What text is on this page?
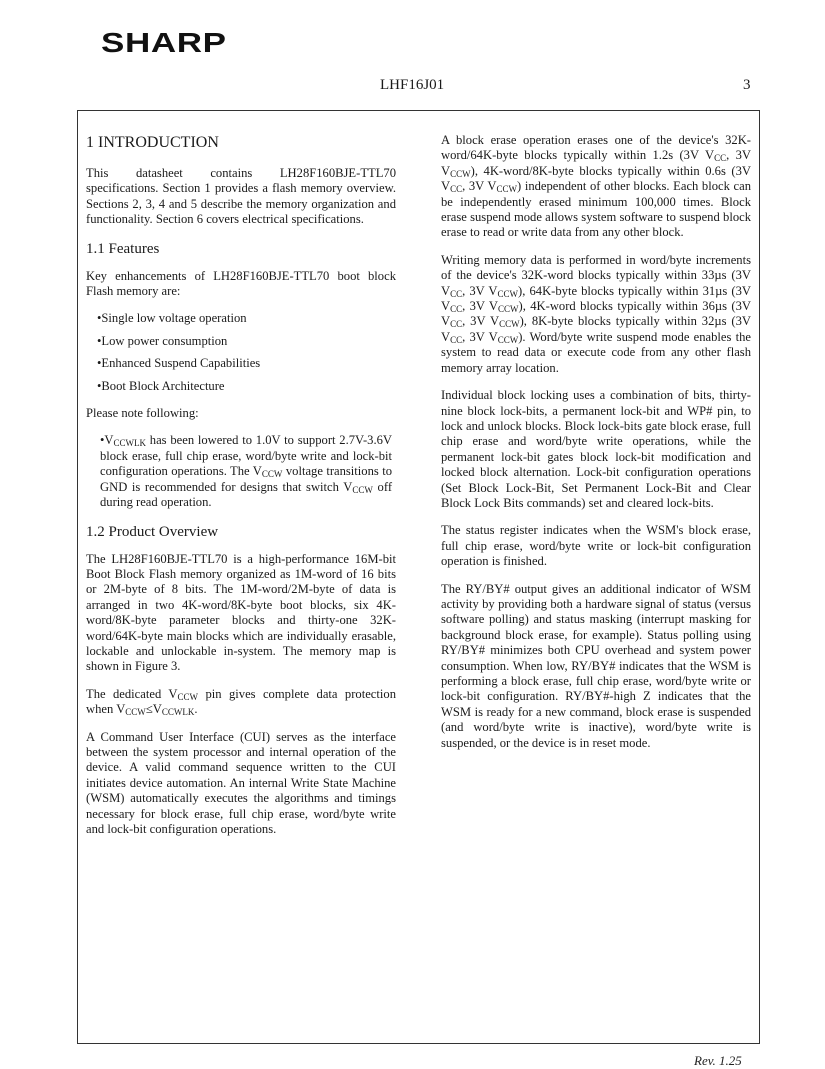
SHARP
LHF16J01	3
1 INTRODUCTION

This datasheet contains LH28F160BJE-TTL70 specifications. Section 1 provides a flash memory overview. Sections 2, 3, 4 and 5 describe the memory organization and functionality. Section 6 covers electrical specifications.

1.1 Features

Key enhancements of LH28F160BJE-TTL70 boot block Flash memory are:

•Single low voltage operation
•Low power consumption
•Enhanced Suspend Capabilities
•Boot Block Architecture

Please note following:

$•V_{CCWLK}$ has been lowered to 1.0V to support 2.7V-3.6V block erase, full chip erase, word/byte write and lock-bit configuration operations. The $V_{CCW}$ voltage transitions to GND is recommended for designs that switch $V_{CCW}$ off during read operation.

1.2 Product Overview

The LH28F160BJE-TTL70 is a high-performance 16M-bit Boot Block Flash memory organized as 1M-word of 16 bits or 2M-byte of 8 bits. The 1M-word/2M-byte of data is arranged in two 4K-word/8K-byte boot blocks, six 4K-word/8K-byte parameter blocks and thirty-one 32K-word/64K-byte main blocks which are individually erasable, lockable and unlockable in-system. The memory map is shown in Figure 3.

The dedicated $V_{CCW}$ pin gives complete data protection when $V_{CCW}\le V_{CCWLK}$.

A Command User Interface (CUI) serves as the interface between the system processor and internal operation of the device. A valid command sequence written to the CUI initiates device automation. An internal Write State Machine (WSM) automatically executes the algorithms and timings necessary for block erase, full chip erase, word/byte write and lock-bit configuration operations.

A block erase operation erases one of the device's 32K-word/64K-byte blocks typically within 1.2s (3V $V_{CC}$, 3V $V_{CCW}$), 4K-word/8K-byte blocks typically within 0.6s (3V $V_{CC}$, 3V $V_{CCW}$) independent of other blocks. Each block can be independently erased minimum 100,000 times. Block erase suspend mode allows system software to suspend block erase to read or write data from any other block.

Writing memory data is performed in word/byte increments of the device's 32K-word blocks typically within 33µs (3V $V_{CC}$, 3V $V_{CCW}$), 64K-byte blocks typically within 31µs (3V $V_{CC}$, 3V $V_{CCW}$), 4K-word blocks typically within 36µs (3V $V_{CC}$, 3V $V_{CCW}$), 8K-byte blocks typically within 32µs (3V $V_{CC}$, 3V $V_{CCW}$). Word/byte write suspend mode enables the system to read data or execute code from any other flash memory array location.

Individual block locking uses a combination of bits, thirty-nine block lock-bits, a permanent lock-bit and WP# pin, to lock and unlock blocks. Block lock-bits gate block erase, full chip erase and word/byte write operations, while the permanent lock-bit gates block lock-bit modification and locked block alternation. Lock-bit configuration operations (Set Block Lock-Bit, Set Permanent Lock-Bit and Clear Block Lock Bits commands) set and cleared lock-bits.

The status register indicates when the WSM's block erase, full chip erase, word/byte write or lock-bit configuration operation is finished.

The RY/BY# output gives an additional indicator of WSM activity by providing both a hardware signal of status (versus software polling) and status masking (interrupt masking for background block erase, for example). Status polling using RY/BY# minimizes both CPU overhead and system power consumption. When low, RY/BY# indicates that the WSM is performing a block erase, full chip erase, word/byte write or lock-bit configuration. RY/BY#-high Z indicates that the WSM is ready for a new command, block erase is suspended (and word/byte write is inactive), word/byte write is suspended, or the device is in reset mode.

Rev. 1.25
